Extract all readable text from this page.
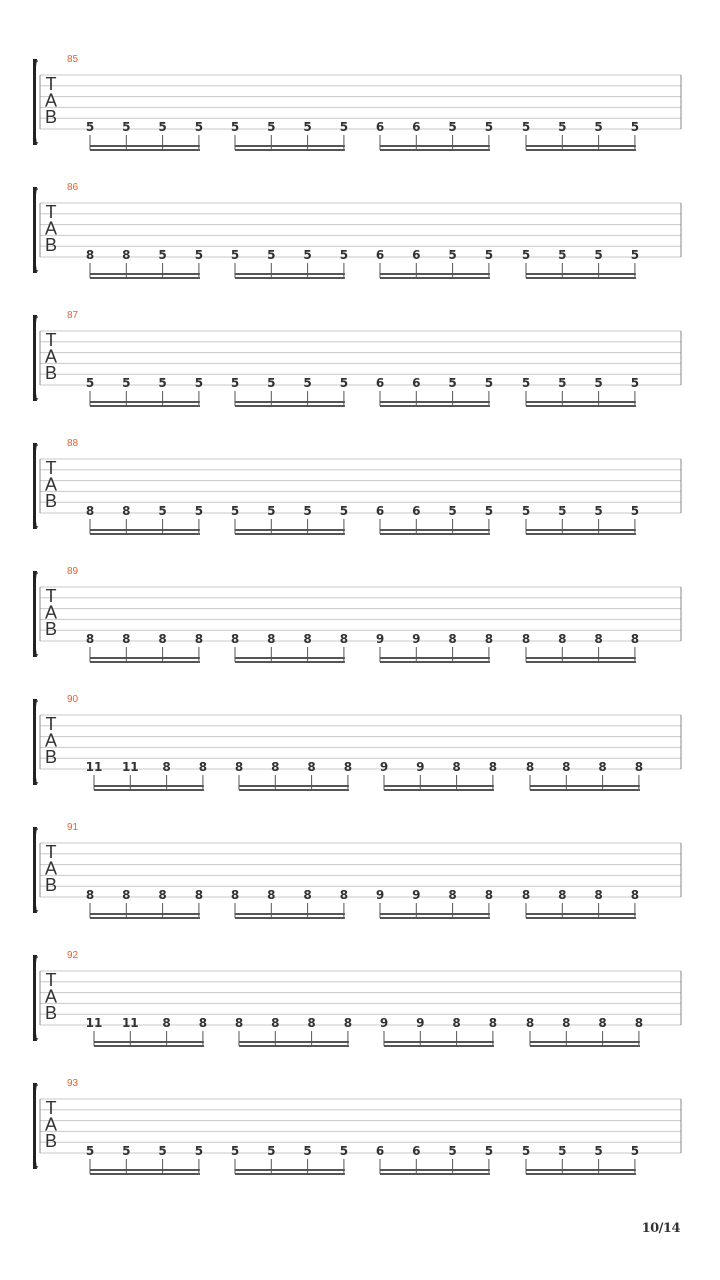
85
T
A
B 5 5 5 5 5 5 5 5 6 6 5 5 5 5 5 5
86
T
A
B 8 8 5 5 5 5 5 5 6 6 5 5 5 5 5 5
87
T
A
B 5 5 5 5 5 5 5 5 6 6 5 5 5 5 5 5
88
T
A
B 8 8 5 5 5 5 5 5 6 6 5 5 5 5 5 5
89
T
A
B 8 8 8 8 8 8 8 8 9 9 8 8 8 8 8 8
90
T
A
B 11 11 8 8 8 8 8 8 9 9 8 8 8 8 8 8
91
T
A
B 8 8 8 8 8 8 8 8 9 9 8 8 8 8 8 8
92
T
A
B 11 11 8 8 8 8 8 8 9 9 8 8 8 8 8 8
93
T
A
B 5 5 5 5 5 5 5 5 6 6 5 5 5 5 5 5
10/14
